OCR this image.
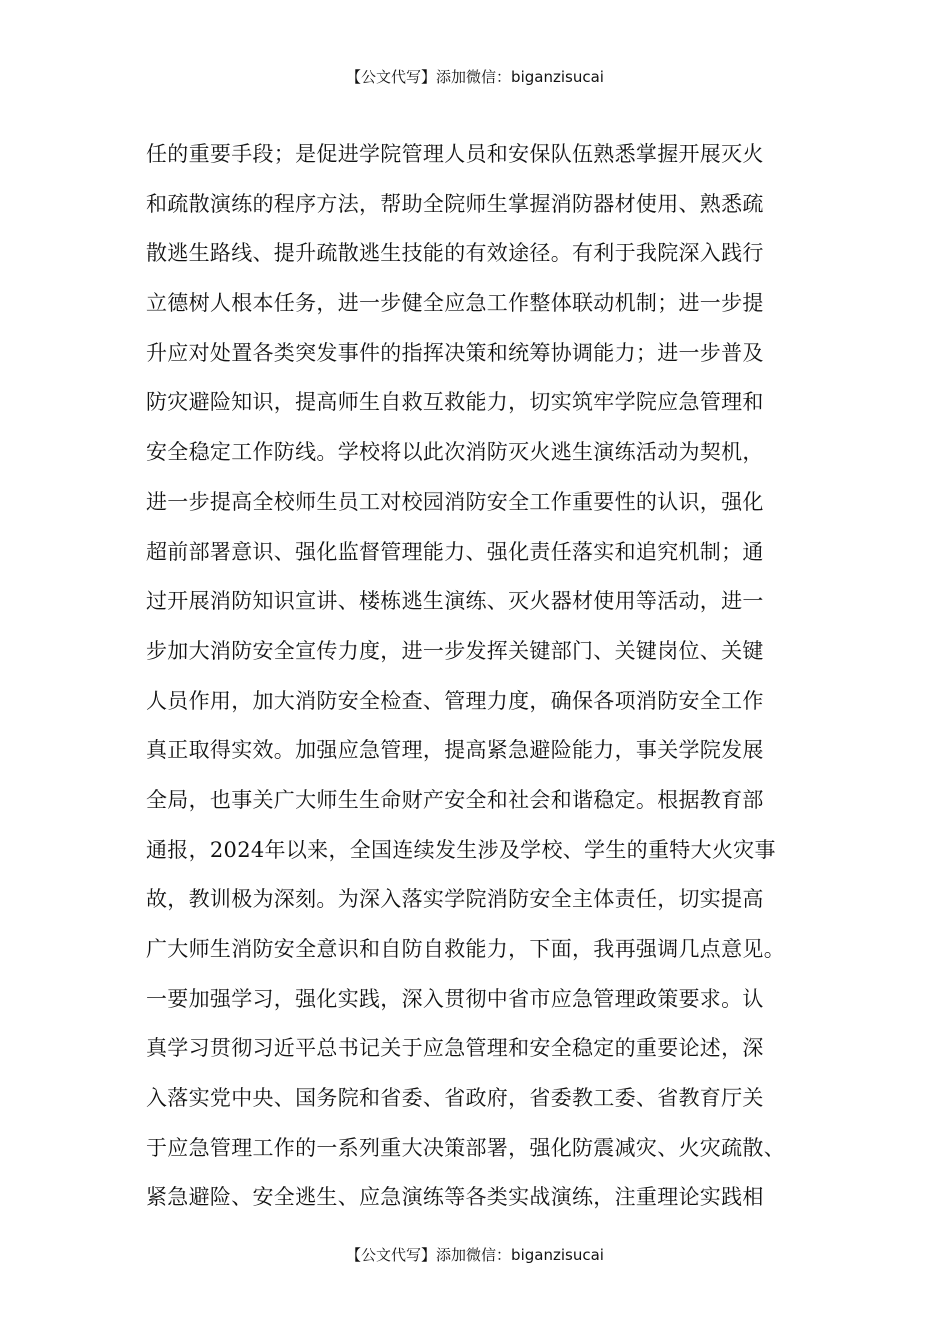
【公文代写】添加微信：biganzisucai
任的重要手段；是促进学院管理人员和安保队伍熟悉掌握开展灭火
和疏散演练的程序方法，帮助全院师生掌握消防器材使用、熟悉疏
散逃生路线、提升疏散逃生技能的有效途径。有利于我院深入践行
立德树人根本任务，进一步健全应急工作整体联动机制；进一步提
升应对处置各类突发事件的指挥决策和统筹协调能力；进一步普及
防灾避险知识，提高师生自救互救能力，切实筑牢学院应急管理和
安全稳定工作防线。学校将以此次消防灭火逃生演练活动为契机，
进一步提高全校师生员工对校园消防安全工作重要性的认识，强化
超前部署意识、强化监督管理能力、强化责任落实和追究机制；通
过开展消防知识宣讲、楼栋逃生演练、灭火器材使用等活动，进一
步加大消防安全宣传力度，进一步发挥关键部门、关键岗位、关键
人员作用，加大消防安全检查、管理力度，确保各项消防安全工作
真正取得实效。加强应急管理，提高紧急避险能力，事关学院发展
全局，也事关广大师生生命财产安全和社会和谐稳定。根据教育部
通报，2024年以来，全国连续发生涉及学校、学生的重特大火灾事
故，教训极为深刻。为深入落实学院消防安全主体责任，切实提高
广大师生消防安全意识和自防自救能力，下面，我再强调几点意见。
一要加强学习，强化实践，深入贯彻中省市应急管理政策要求。认
真学习贯彻习近平总书记关于应急管理和安全稳定的重要论述，深
入落实党中央、国务院和省委、省政府，省委教工委、省教育厅关
于应急管理工作的一系列重大决策部署，强化防震减灾、火灾疏散、
紧急避险、安全逃生、应急演练等各类实战演练，注重理论实践相
【公文代写】添加微信：biganzisucai
